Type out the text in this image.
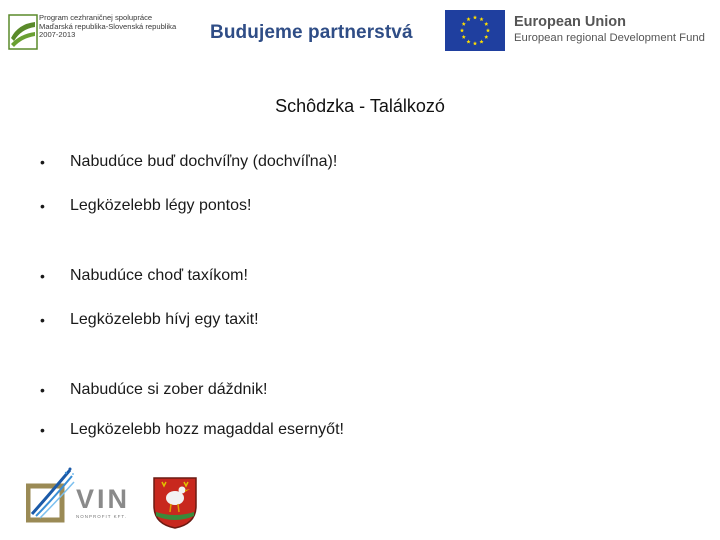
Program cezhraničnej spolupráce
Maďarská republika-Slovenská republika
2007-2013	Budujeme partnerstvá	European Union
European regional Development Fund
Schôdzka - Találkozó
•	Nabudúce buď dochvíľny (dochvíľna)!
•	Legközelebb légy pontos!
•	Nabudúce choď taxíkom!
•	Legközelebb hívj egy taxit!
•	Nabudúce si zober dáždnik!
•	Legközelebb hozz magaddal esernyőt!
VIN
NONPROFIT KFT.
